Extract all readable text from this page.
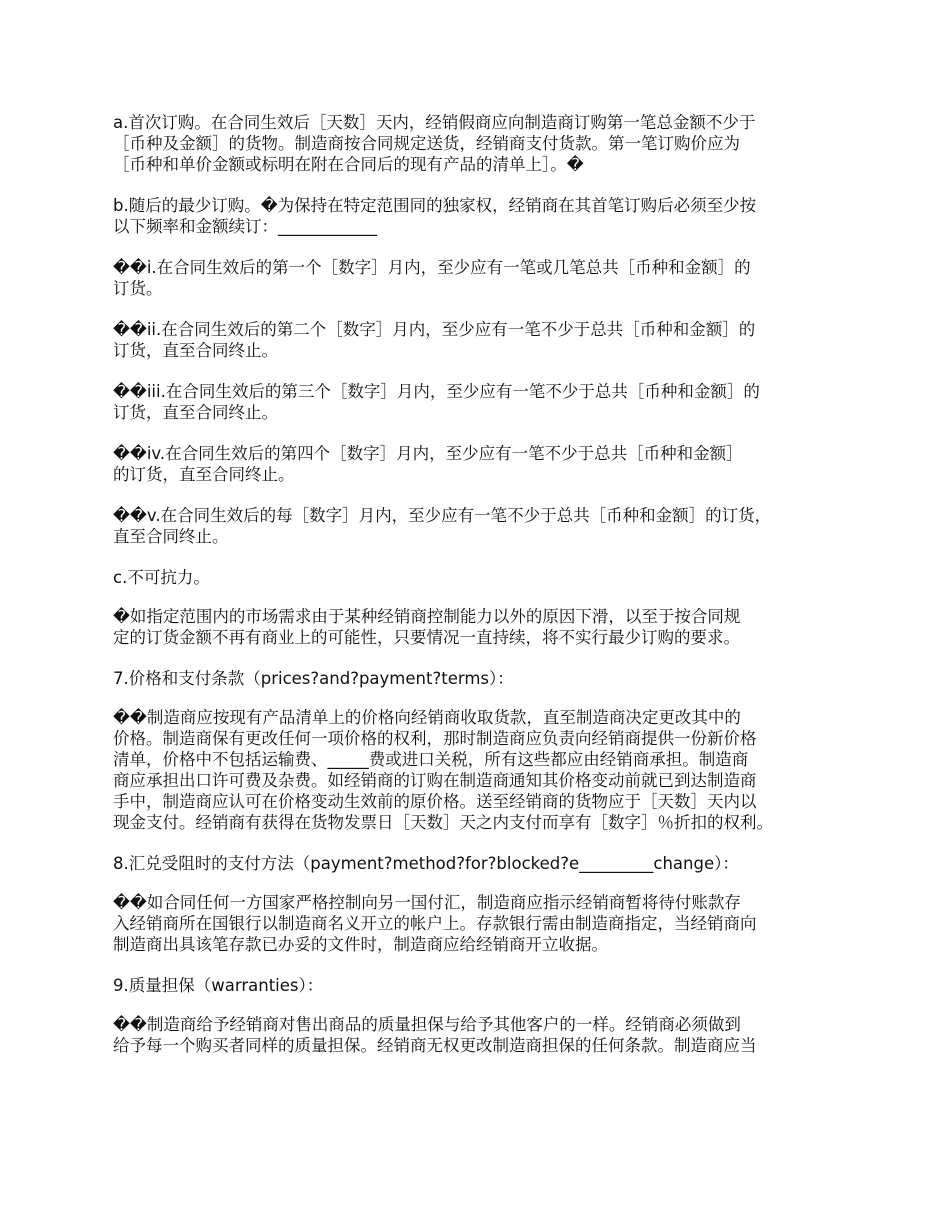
a.首次订购。在合同生效后［天数］天内，经销假商应向制造商订购第一笔总金额不少于
［币种及金额］的货物。制造商按合同规定送货，经销商支付货款。第一笔订购价应为
［币种和单价金额或标明在附在合同后的现有产品的清单上］。�

b.随后的最少订购。�为保持在特定范围同的独家权，经销商在其首笔订购后必须至少按
以下频率和金额续订：____________

��i.在合同生效后的第一个［数字］月内，至少应有一笔或几笔总共［币种和金额］的
订货。

��ii.在合同生效后的第二个［数字］月内，至少应有一笔不少于总共［币种和金额］的
订货，直至合同终止。

��iii.在合同生效后的第三个［数字］月内，至少应有一笔不少于总共［币种和金额］的
订货，直至合同终止。

��iv.在合同生效后的第四个［数字］月内，至少应有一笔不少于总共［币种和金额］
的订货，直至合同终止。

��v.在合同生效后的每［数字］月内，至少应有一笔不少于总共［币种和金额］的订货，
直至合同终止。

c.不可抗力。

�如指定范围内的市场需求由于某种经销商控制能力以外的原因下滑，以至于按合同规
定的订货金额不再有商业上的可能性，只要情况一直持续，将不实行最少订购的要求。

7.价格和支付条款（prices?and?payment?terms）：

��制造商应按现有产品清单上的价格向经销商收取货款，直至制造商决定更改其中的
价格。制造商保有更改任何一项价格的权利，那时制造商应负责向经销商提供一份新价格
清单，价格中不包括运输费、_____费或进口关税，所有这些都应由经销商承担。制造商
商应承担出口许可费及杂费。如经销商的订购在制造商通知其价格变动前就已到达制造商
手中，制造商应认可在价格变动生效前的原价格。送至经销商的货物应于［天数］天内以
现金支付。经销商有获得在货物发票日［天数］天之内支付而享有［数字］％折扣的权利。

8.汇兑受阻时的支付方法（payment?method?for?blocked?e_________change）：

��如合同任何一方国家严格控制向另一国付汇，制造商应指示经销商暂将待付账款存
入经销商所在国银行以制造商名义开立的帐户上。存款银行需由制造商指定，当经销商向
制造商出具该笔存款已办妥的文件时，制造商应给经销商开立收据。

9.质量担保（warranties）：

��制造商给予经销商对售出商品的质量担保与给予其他客户的一样。经销商必须做到
给予每一个购买者同样的质量担保。经销商无权更改制造商担保的任何条款。制造商应当
